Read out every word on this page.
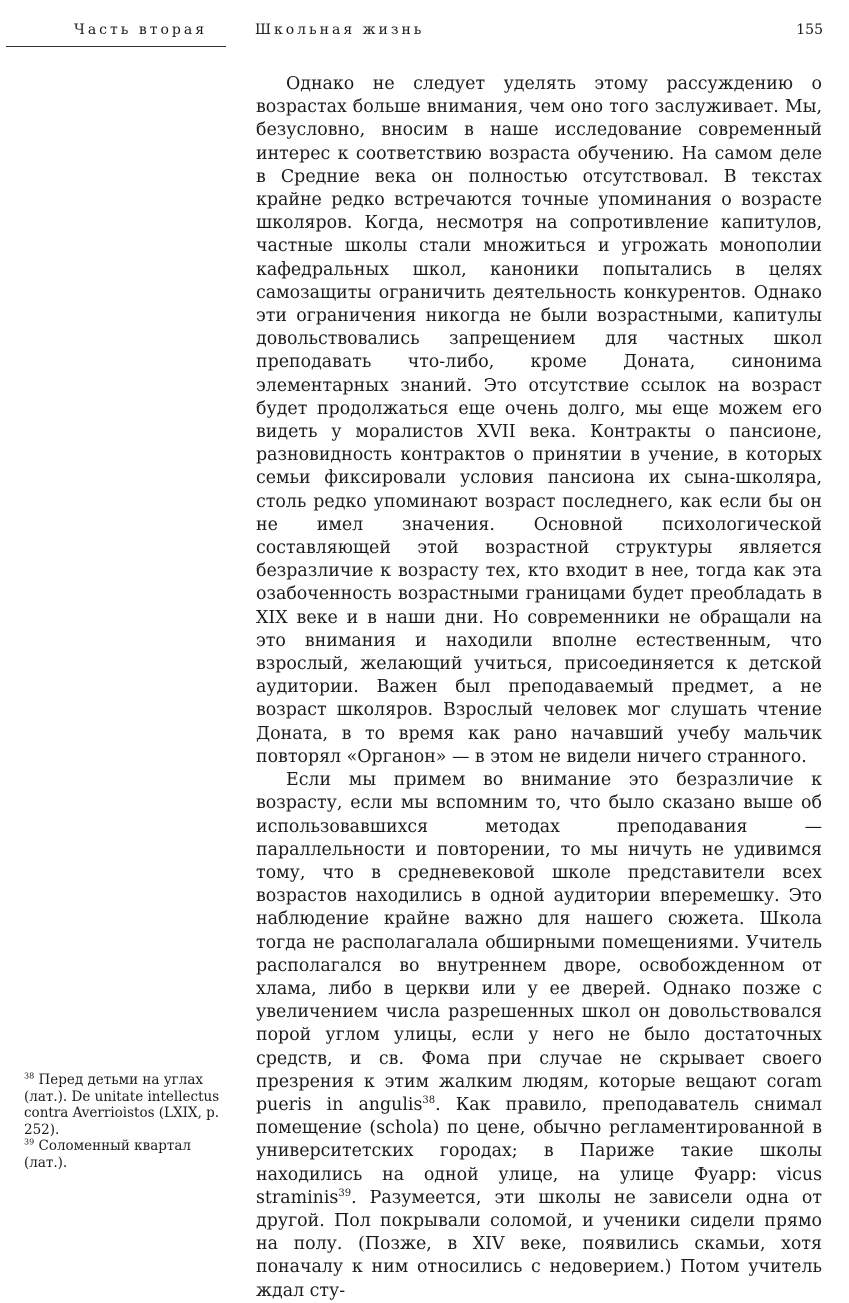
Часть вторая	Школьная жизнь	155

Однако не следует уделять этому рассуждению о возрастах больше внимания, чем оно того заслуживает. Мы, безусловно, вносим в наше исследование современный интерес к соответствию возраста обучению. На самом деле в Средние века он полностью отсутствовал. В текстах крайне редко встречаются точные упоминания о возрасте школяров. Когда, несмотря на сопротивление капитулов, частные школы стали множиться и угрожать монополии кафедральных школ, каноники попытались в целях самозащиты ограничить деятельность конкурентов. Однако эти ограничения никогда не были возрастными, капитулы довольствовались запрещением для частных школ преподавать что-либо, кроме Доната, синонима элементарных знаний. Это отсутствие ссылок на возраст будет продолжаться еще очень долго, мы еще можем его видеть у моралистов XVII века. Контракты о пансионе, разновидность контрактов о принятии в учение, в которых семьи фиксировали условия пансиона их сына-школяра, столь редко упоминают возраст последнего, как если бы он не имел значения. Основной психологической составляющей этой возрастной структуры является безразличие к возрасту тех, кто входит в нее, тогда как эта озабоченность возрастными границами будет преобладать в XIX веке и в наши дни. Но современники не обращали на это внимания и находили вполне естественным, что взрослый, желающий учиться, присоединяется к детской аудитории. Важен был преподаваемый предмет, а не возраст школяров. Взрослый человек мог слушать чтение Доната, в то время как рано начавший учебу мальчик повторял «Органон» — в этом не видели ничего странного.

Если мы примем во внимание это безразличие к возрасту, если мы вспомним то, что было сказано выше об использовавшихся методах преподавания — параллельности и повторении, то мы ничуть не удивимся тому, что в средневековой школе представители всех возрастов находились в одной аудитории вперемешку. Это наблюдение крайне важно для нашего сюжета. Школа тогда не располагалала обширными помещениями. Учитель располагался во внутреннем дворе, освобожденном от хлама, либо в церкви или у ее дверей. Однако позже с увеличением числа разрешенных школ он довольствовался порой углом улицы, если у него не было достаточных средств, и св. Фома при случае не скрывает своего презрения к этим жалким людям, которые вещают coram pueris in angulis$^{38}$. Как правило, преподаватель снимал помещение (schola) по цене, обычно регламентированной в университетских городах; в Париже такие школы находились на одной улице, на улице Фуарр: vicus straminis$^{39}$. Разумеется, эти школы не зависели одна от другой. Пол покрывали соломой, и ученики сидели прямо на полу. (Позже, в XIV веке, появились скамьи, хотя поначалу к ним относились с недоверием.) Потом учитель ждал сту-

$^{38}$ Перед детьми на углах (лат.). De unitate intellectus contra Averrioistos (LXIX, p. 252).
$^{39}$ Соломенный квартал (лат.).
